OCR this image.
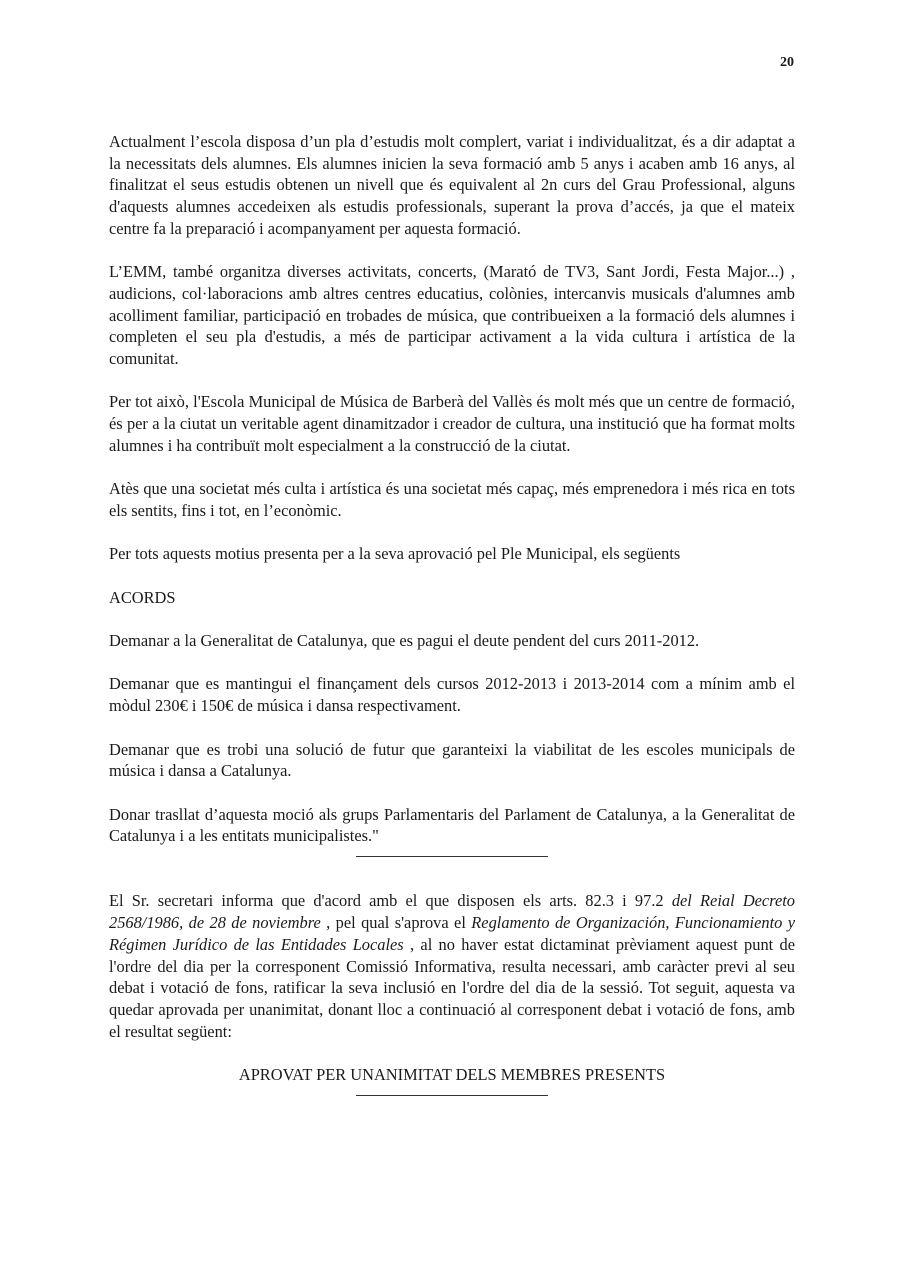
20

Actualment l’escola disposa d’un pla d’estudis molt complert, variat i individualitzat, és a dir adaptat a la necessitats dels alumnes. Els alumnes inicien la seva formació amb 5 anys i acaben amb 16 anys, al finalitzat el seus estudis obtenen un nivell que és equivalent al 2n curs del Grau Professional, alguns d'aquests alumnes accedeixen als estudis professionals, superant la prova d’accés, ja que el mateix centre fa la preparació i acompanyament per aquesta formació.

L’EMM, també organitza diverses activitats, concerts, (Marató de TV3, Sant Jordi, Festa Major...) , audicions, col·laboracions amb altres centres educatius, colònies, intercanvis musicals d'alumnes amb acolliment familiar, participació en trobades de música, que contribueixen a la formació dels alumnes i completen el seu pla d'estudis, a més de participar activament a la vida cultura i artística de la comunitat.

Per tot això, l'Escola Municipal de Música de Barberà del Vallès és molt més que un centre de formació, és per a la ciutat un veritable agent dinamitzador i creador de cultura, una institució que ha format molts alumnes i ha contribuït molt especialment a la construcció de la ciutat.

Atès que una societat més culta i artística és una societat més capaç, més emprenedora i més rica en tots els sentits, fins i tot, en l’econòmic.

Per tots aquests motius presenta per a la seva aprovació pel Ple Municipal, els següents

ACORDS

Demanar a la Generalitat de Catalunya, que es pagui el deute pendent del curs 2011-2012.

Demanar que es mantingui el finançament dels cursos 2012-2013 i 2013-2014 com a mínim amb el mòdul 230€ i 150€ de música i dansa respectivament.

Demanar que es trobi una solució de futur que garanteixi la viabilitat de les escoles municipals de música i dansa a Catalunya.

Donar trasllat d’aquesta moció als grups Parlamentaris del Parlament de Catalunya, a la Generalitat de Catalunya i a les entitats municipalistes."

El Sr. secretari informa que d'acord amb el que disposen els arts. 82.3 i 97.2 del Reial Decreto 2568/1986, de 28 de noviembre , pel qual s'aprova el Reglamento de Organización, Funcionamiento y Régimen Jurídico de las Entidades Locales , al no haver estat dictaminat prèviament aquest punt de l'ordre del dia per la corresponent Comissió Informativa, resulta necessari, amb caràcter previ al seu debat i votació de fons, ratificar la seva inclusió en l'ordre del dia de la sessió. Tot seguit, aquesta va quedar aprovada per unanimitat, donant lloc a continuació al corresponent debat i votació de fons, amb el resultat següent:

APROVAT PER UNANIMITAT DELS MEMBRES PRESENTS
